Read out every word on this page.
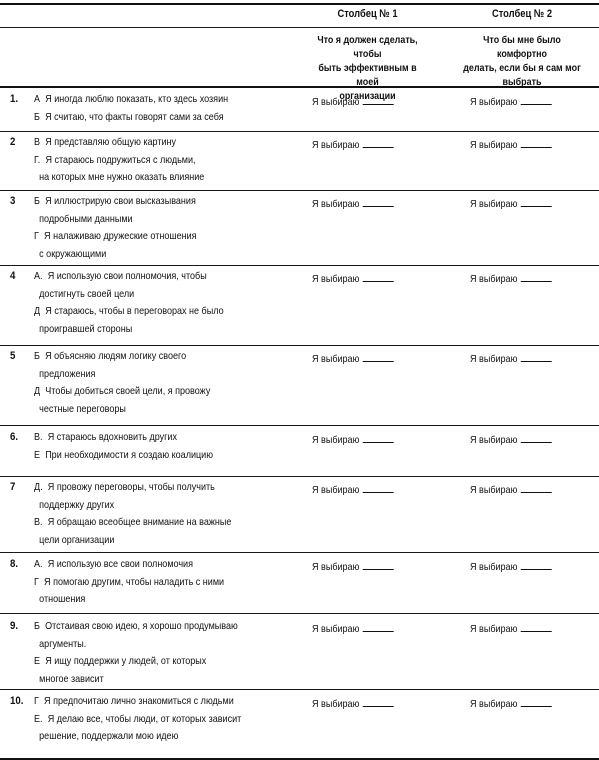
Столбец № 1
Что я должен сделать, чтобы
быть эффективным в моей
организации
Столбец № 2
Что бы мне было комфортно
делать, если бы я сам мог
выбрать
1. А Я иногда люблю показать, кто здесь хозяин
Б Я считаю, что факты говорят сами за себя
Я выбираю	Я выбираю
2 В Я представляю общую картину
Г. Я стараюсь подружиться с людьми,
на которых мне нужно оказать влияние
Я выбираю	Я выбираю
3 Б Я иллюстрирую свои высказывания
подробными данными
Г Я налаживаю дружеские отношения
с окружающими
Я выбираю	Я выбираю
4 А. Я использую свои полномочия, чтобы
достигнуть своей цели
Д Я стараюсь, чтобы в переговорах не было
проигравшей стороны
Я выбираю	Я выбираю
5 Б Я объясняю людям логику своего
предложения
Д Чтобы добиться своей цели, я провожу
честные переговоры
Я выбираю	Я выбираю
6. В. Я стараюсь вдохновить других
Е При необходимости я создаю коалицию
Я выбираю	Я выбираю
7 Д. Я провожу переговоры, чтобы получить
поддержку других
В. Я обращаю всеобщее внимание на важные
цели организации
Я выбираю	Я выбираю
8. А. Я использую все свои полномочия
Г Я помогаю другим, чтобы наладить с ними
отношения
Я выбираю	Я выбираю
9. Б Отстаивая свою идею, я хорошо продумываю
аргументы.
Е Я ищу поддержки у людей, от которых
многое зависит
Я выбираю	Я выбираю
10. Г Я предпочитаю лично знакомиться с людьми
Е. Я делаю все, чтобы люди, от которых зависит
решение, поддержали мою идею
Я выбираю	Я выбираю
